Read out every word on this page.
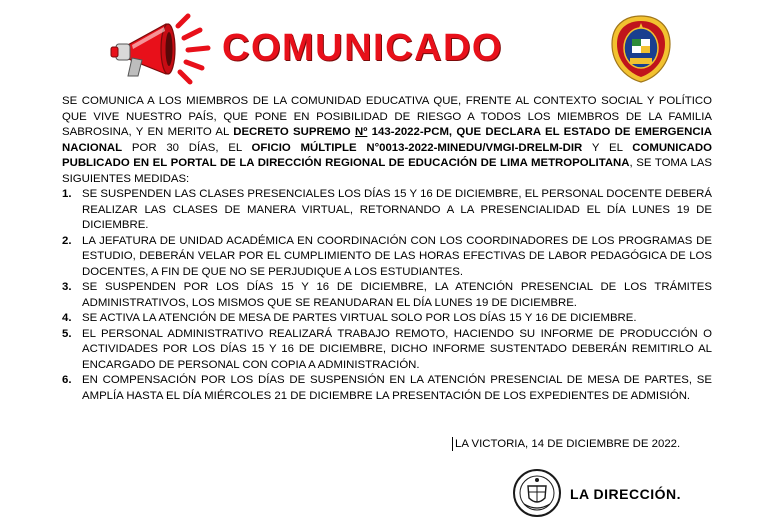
COMUNICADO

SE COMUNICA A LOS MIEMBROS DE LA COMUNIDAD EDUCATIVA QUE, FRENTE AL CONTEXTO SOCIAL Y POLÍTICO QUE VIVE NUESTRO PAÍS, QUE PONE EN POSIBILIDAD DE RIESGO A TODOS LOS MIEMBROS DE LA FAMILIA SABROSINA, Y EN MERITO AL DECRETO SUPREMO Nº 143-2022-PCM, QUE DECLARA EL ESTADO DE EMERGENCIA NACIONAL POR 30 DÍAS, EL OFICIO MÚLTIPLE N°0013-2022-MINEDU/VMGI-DRELM-DIR Y EL COMUNICADO PUBLICADO EN EL PORTAL DE LA DIRECCIÓN REGIONAL DE EDUCACIÓN DE LIMA METROPOLITANA, SE TOMA LAS SIGUIENTES MEDIDAS:

1. SE SUSPENDEN LAS CLASES PRESENCIALES LOS DÍAS 15 Y 16 DE DICIEMBRE, EL PERSONAL DOCENTE DEBERÁ REALIZAR LAS CLASES DE MANERA VIRTUAL, RETORNANDO A LA PRESENCIALIDAD EL DÍA LUNES 19 DE DICIEMBRE.
2. LA JEFATURA DE UNIDAD ACADÉMICA EN COORDINACIÓN CON LOS COORDINADORES DE LOS PROGRAMAS DE ESTUDIO, DEBERÁN VELAR POR EL CUMPLIMIENTO DE LAS HORAS EFECTIVAS DE LABOR PEDAGÓGICA DE LOS DOCENTES, A FIN DE QUE NO SE PERJUDIQUE A LOS ESTUDIANTES.
3. SE SUSPENDEN POR LOS DÍAS 15 Y 16 DE DICIEMBRE, LA ATENCIÓN PRESENCIAL DE LOS TRÁMITES ADMINISTRATIVOS, LOS MISMOS QUE SE REANUDARAN EL DÍA LUNES 19 DE DICIEMBRE.
4. SE ACTIVA LA ATENCIÓN DE MESA DE PARTES VIRTUAL SOLO POR LOS DÍAS 15 Y 16 DE DICIEMBRE.
5. EL PERSONAL ADMINISTRATIVO REALIZARÁ TRABAJO REMOTO, HACIENDO SU INFORME DE PRODUCCIÓN O ACTIVIDADES POR LOS DÍAS 15 Y 16 DE DICIEMBRE, DICHO INFORME SUSTENTADO DEBERÁN REMITIRLO AL ENCARGADO DE PERSONAL CON COPIA A ADMINISTRACIÓN.
6. EN COMPENSACIÓN POR LOS DÍAS DE SUSPENSIÓN EN LA ATENCIÓN PRESENCIAL DE MESA DE PARTES, SE AMPLÍA HASTA EL DÍA MIÉRCOLES 21 DE DICIEMBRE LA PRESENTACIÓN DE LOS EXPEDIENTES DE ADMISIÓN.
LA VICTORIA, 14 DE DICIEMBRE DE 2022.
LA DIRECCIÓN.
